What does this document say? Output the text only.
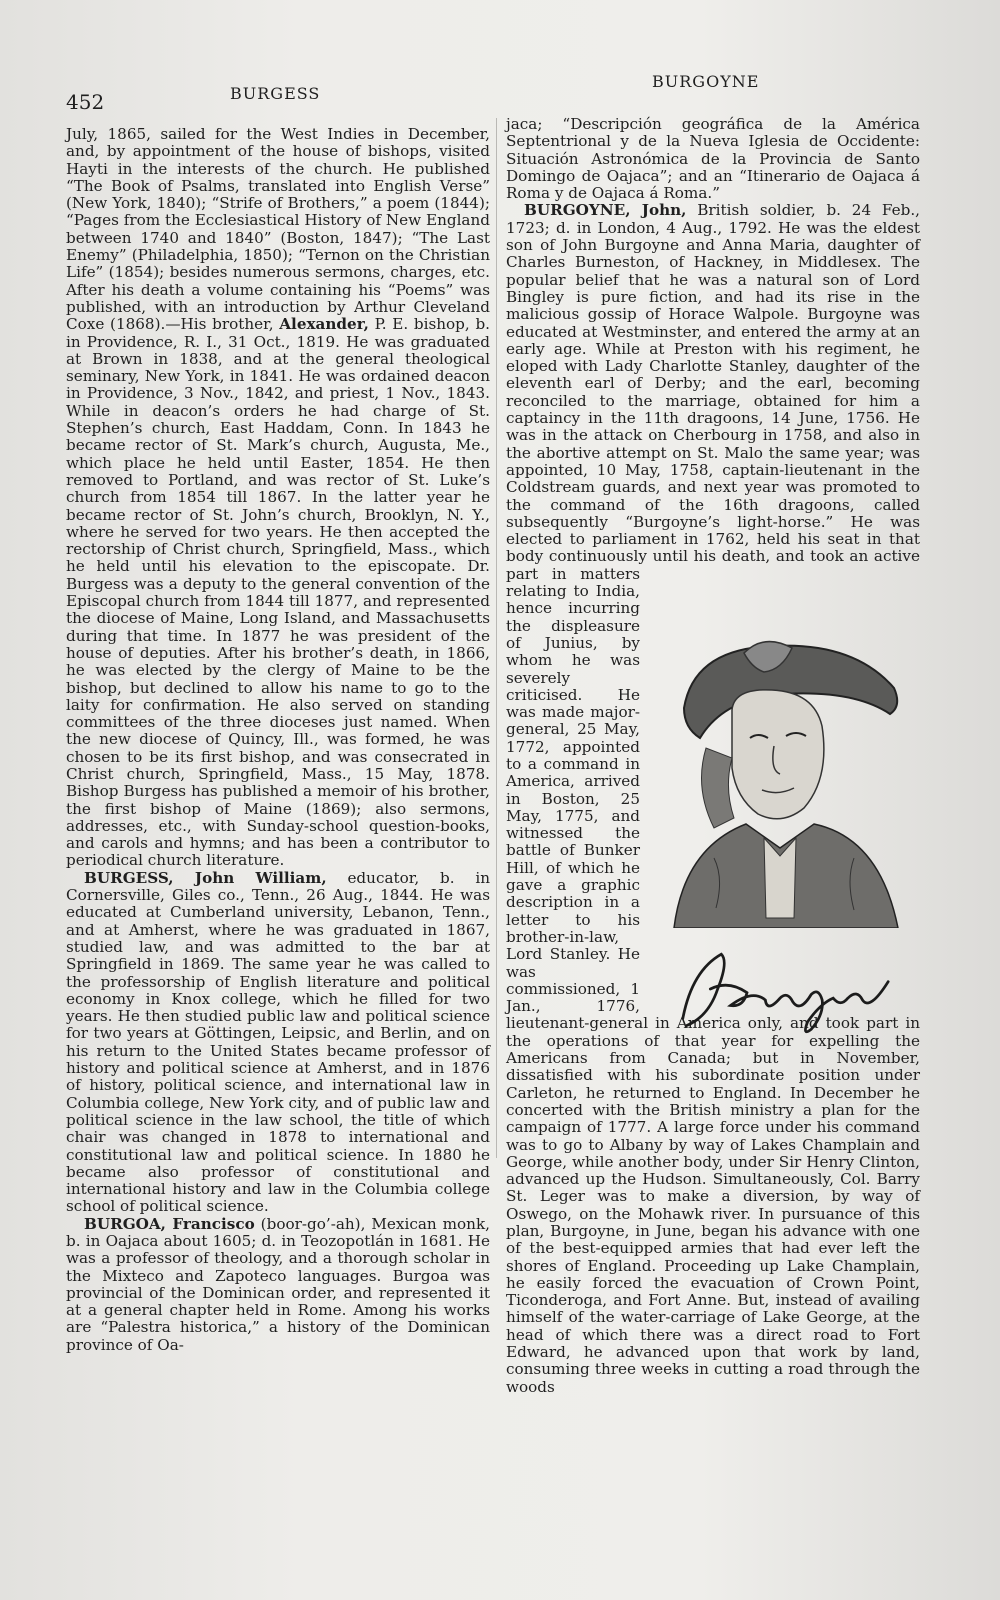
452	BURGESS
BURGOYNE

July, 1865, sailed for the West Indies in December, and, by appointment of the house of bishops, visited Hayti in the interests of the church. He published “The Book of Psalms, translated into English Verse” (New York, 1840); “Strife of Brothers,” a poem (1844); “Pages from the Ecclesiastical History of New England between 1740 and 1840” (Boston, 1847); “The Last Enemy” (Philadelphia, 1850); “Ternon on the Christian Life” (1854); besides numerous sermons, charges, etc. After his death a volume containing his “Poems” was published, with an introduction by Arthur Cleveland Coxe (1868).—His brother, Alexander, P. E. bishop, b. in Providence, R. I., 31 Oct., 1819. He was graduated at Brown in 1838, and at the general theological seminary, New York, in 1841. He was ordained deacon in Providence, 3 Nov., 1842, and priest, 1 Nov., 1843. While in deacon’s orders he had charge of St. Stephen’s church, East Haddam, Conn. In 1843 he became rector of St. Mark’s church, Augusta, Me., which place he held until Easter, 1854. He then removed to Portland, and was rector of St. Luke’s church from 1854 till 1867. In the latter year he became rector of St. John’s church, Brooklyn, N. Y., where he served for two years. He then accepted the rectorship of Christ church, Springfield, Mass., which he held until his elevation to the episcopate. Dr. Burgess was a deputy to the general convention of the Episcopal church from 1844 till 1877, and represented the diocese of Maine, Long Island, and Massachusetts during that time. In 1877 he was president of the house of deputies. After his brother’s death, in 1866, he was elected by the clergy of Maine to be the bishop, but declined to allow his name to go to the laity for confirmation. He also served on standing committees of the three dioceses just named. When the new diocese of Quincy, Ill., was formed, he was chosen to be its first bishop, and was consecrated in Christ church, Springfield, Mass., 15 May, 1878. Bishop Burgess has published a memoir of his brother, the first bishop of Maine (1869); also sermons, addresses, etc., with Sunday-school question-books, and carols and hymns; and has been a contributor to periodical church literature.

BURGESS, John William, educator, b. in Cornersville, Giles co., Tenn., 26 Aug., 1844. He was educated at Cumberland university, Lebanon, Tenn., and at Amherst, where he was graduated in 1867, studied law, and was admitted to the bar at Springfield in 1869. The same year he was called to the professorship of English literature and political economy in Knox college, which he filled for two years. He then studied public law and political science for two years at Göttingen, Leipsic, and Berlin, and on his return to the United States became professor of history and political science at Amherst, and in 1876 of history, political science, and international law in Columbia college, New York city, and of public law and political science in the law school, the title of which chair was changed in 1878 to international and constitutional law and political science. In 1880 he became also professor of constitutional and international history and law in the Columbia college school of political science.

BURGOA, Francisco (boor-go’-ah), Mexican monk, b. in Oajaca about 1605; d. in Teozopotlán in 1681. He was a professor of theology, and a thorough scholar in the Mixteco and Zapoteco languages. Burgoa was provincial of the Dominican order, and represented it at a general chapter held in Rome. Among his works are “Palestra historica,” a history of the Dominican province of Oa-

jaca; “Descripción geográfica de la América Septentrional y de la Nueva Iglesia de Occidente: Situación Astronómica de la Provincia de Santo Domingo de Oajaca”; and an “Itinerario de Oajaca á Roma y de Oajaca á Roma.”

BURGOYNE, John, British soldier, b. 24 Feb., 1723; d. in London, 4 Aug., 1792. He was the eldest son of John Burgoyne and Anna Maria, daughter of Charles Burneston, of Hackney, in Middlesex. The popular belief that he was a natural son of Lord Bingley is pure fiction, and had its rise in the malicious gossip of Horace Walpole. Burgoyne was educated at Westminster, and entered the army at an early age. While at Preston with his regiment, he eloped with Lady Charlotte Stanley, daughter of the eleventh earl of Derby; and the earl, becoming reconciled to the marriage, obtained for him a captaincy in the 11th dragoons, 14 June, 1756. He was in the attack on Cherbourg in 1758, and also in the abortive attempt on St. Malo the same year; was appointed, 10 May, 1758, captain-lieutenant in the Coldstream guards, and next year was promoted to the command of the 16th dragoons, called subsequently “Burgoyne’s light-horse.” He was elected to parliament in 1762, held his seat in that body continuously until his death, and took an active
part in matters relating to India, hence incurring the displeasure of Junius, by whom he was severely criticised. He was made major-general, 25 May, 1772, appointed to a command in America, arrived in Boston, 25 May, 1775, and witnessed the battle of Bunker Hill, of which he gave a graphic description in a letter to his brother-in-law, Lord Stanley. He was commissioned, 1 Jan., 1776, lieutenant-general in America only, and took part in the operations of that year for expelling the Americans from Canada; but in November, dissatisfied with his subordinate position under Carleton, he returned to England. In December he concerted with the British ministry a plan for the campaign of 1777. A large force under his command was to go to Albany by way of Lakes Champlain and George, while another body, under Sir Henry Clinton, advanced up the Hudson. Simultaneously, Col. Barry St. Leger was to make a diversion, by way of Oswego, on the Mohawk river. In pursuance of this plan, Burgoyne, in June, began his advance with one of the best-equipped armies that had ever left the shores of England. Proceeding up Lake Champlain, he easily forced the evacuation of Crown Point, Ticonderoga, and Fort Anne. But, instead of availing himself of the water-carriage of Lake George, at the head of which there was a direct road to Fort Edward, he advanced upon that work by land, consuming three weeks in cutting a road through the woods
